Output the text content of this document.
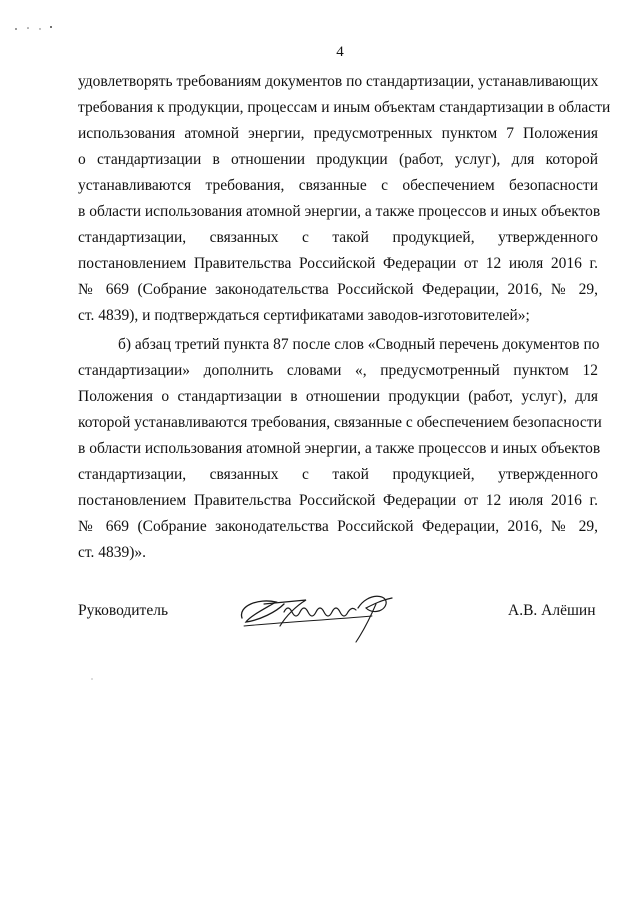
4
удовлетворять требованиям документов по стандартизации, устанавливающих
требования к продукции, процессам и иным объектам стандартизации в области
использования атомной энергии, предусмотренных пунктом 7 Положения
о стандартизации в отношении продукции (работ, услуг), для которой
устанавливаются требования, связанные с обеспечением безопасности
в области использования атомной энергии, а также процессов и иных объектов
стандартизации, связанных с такой продукцией, утвержденного
постановлением Правительства Российской Федерации от 12 июля 2016 г.
№ 669 (Собрание законодательства Российской Федерации, 2016, № 29,
ст. 4839), и подтверждаться сертификатами заводов-изготовителей»;
б) абзац третий пункта 87 после слов «Сводный перечень документов по
стандартизации» дополнить словами «, предусмотренный пунктом 12
Положения о стандартизации в отношении продукции (работ, услуг), для
которой устанавливаются требования, связанные с обеспечением безопасности
в области использования атомной энергии, а также процессов и иных объектов
стандартизации, связанных с такой продукцией, утвержденного
постановлением Правительства Российской Федерации от 12 июля 2016 г.
№ 669 (Собрание законодательства Российской Федерации, 2016, № 29,
ст. 4839)».
Руководитель	А.В. Алёшин
